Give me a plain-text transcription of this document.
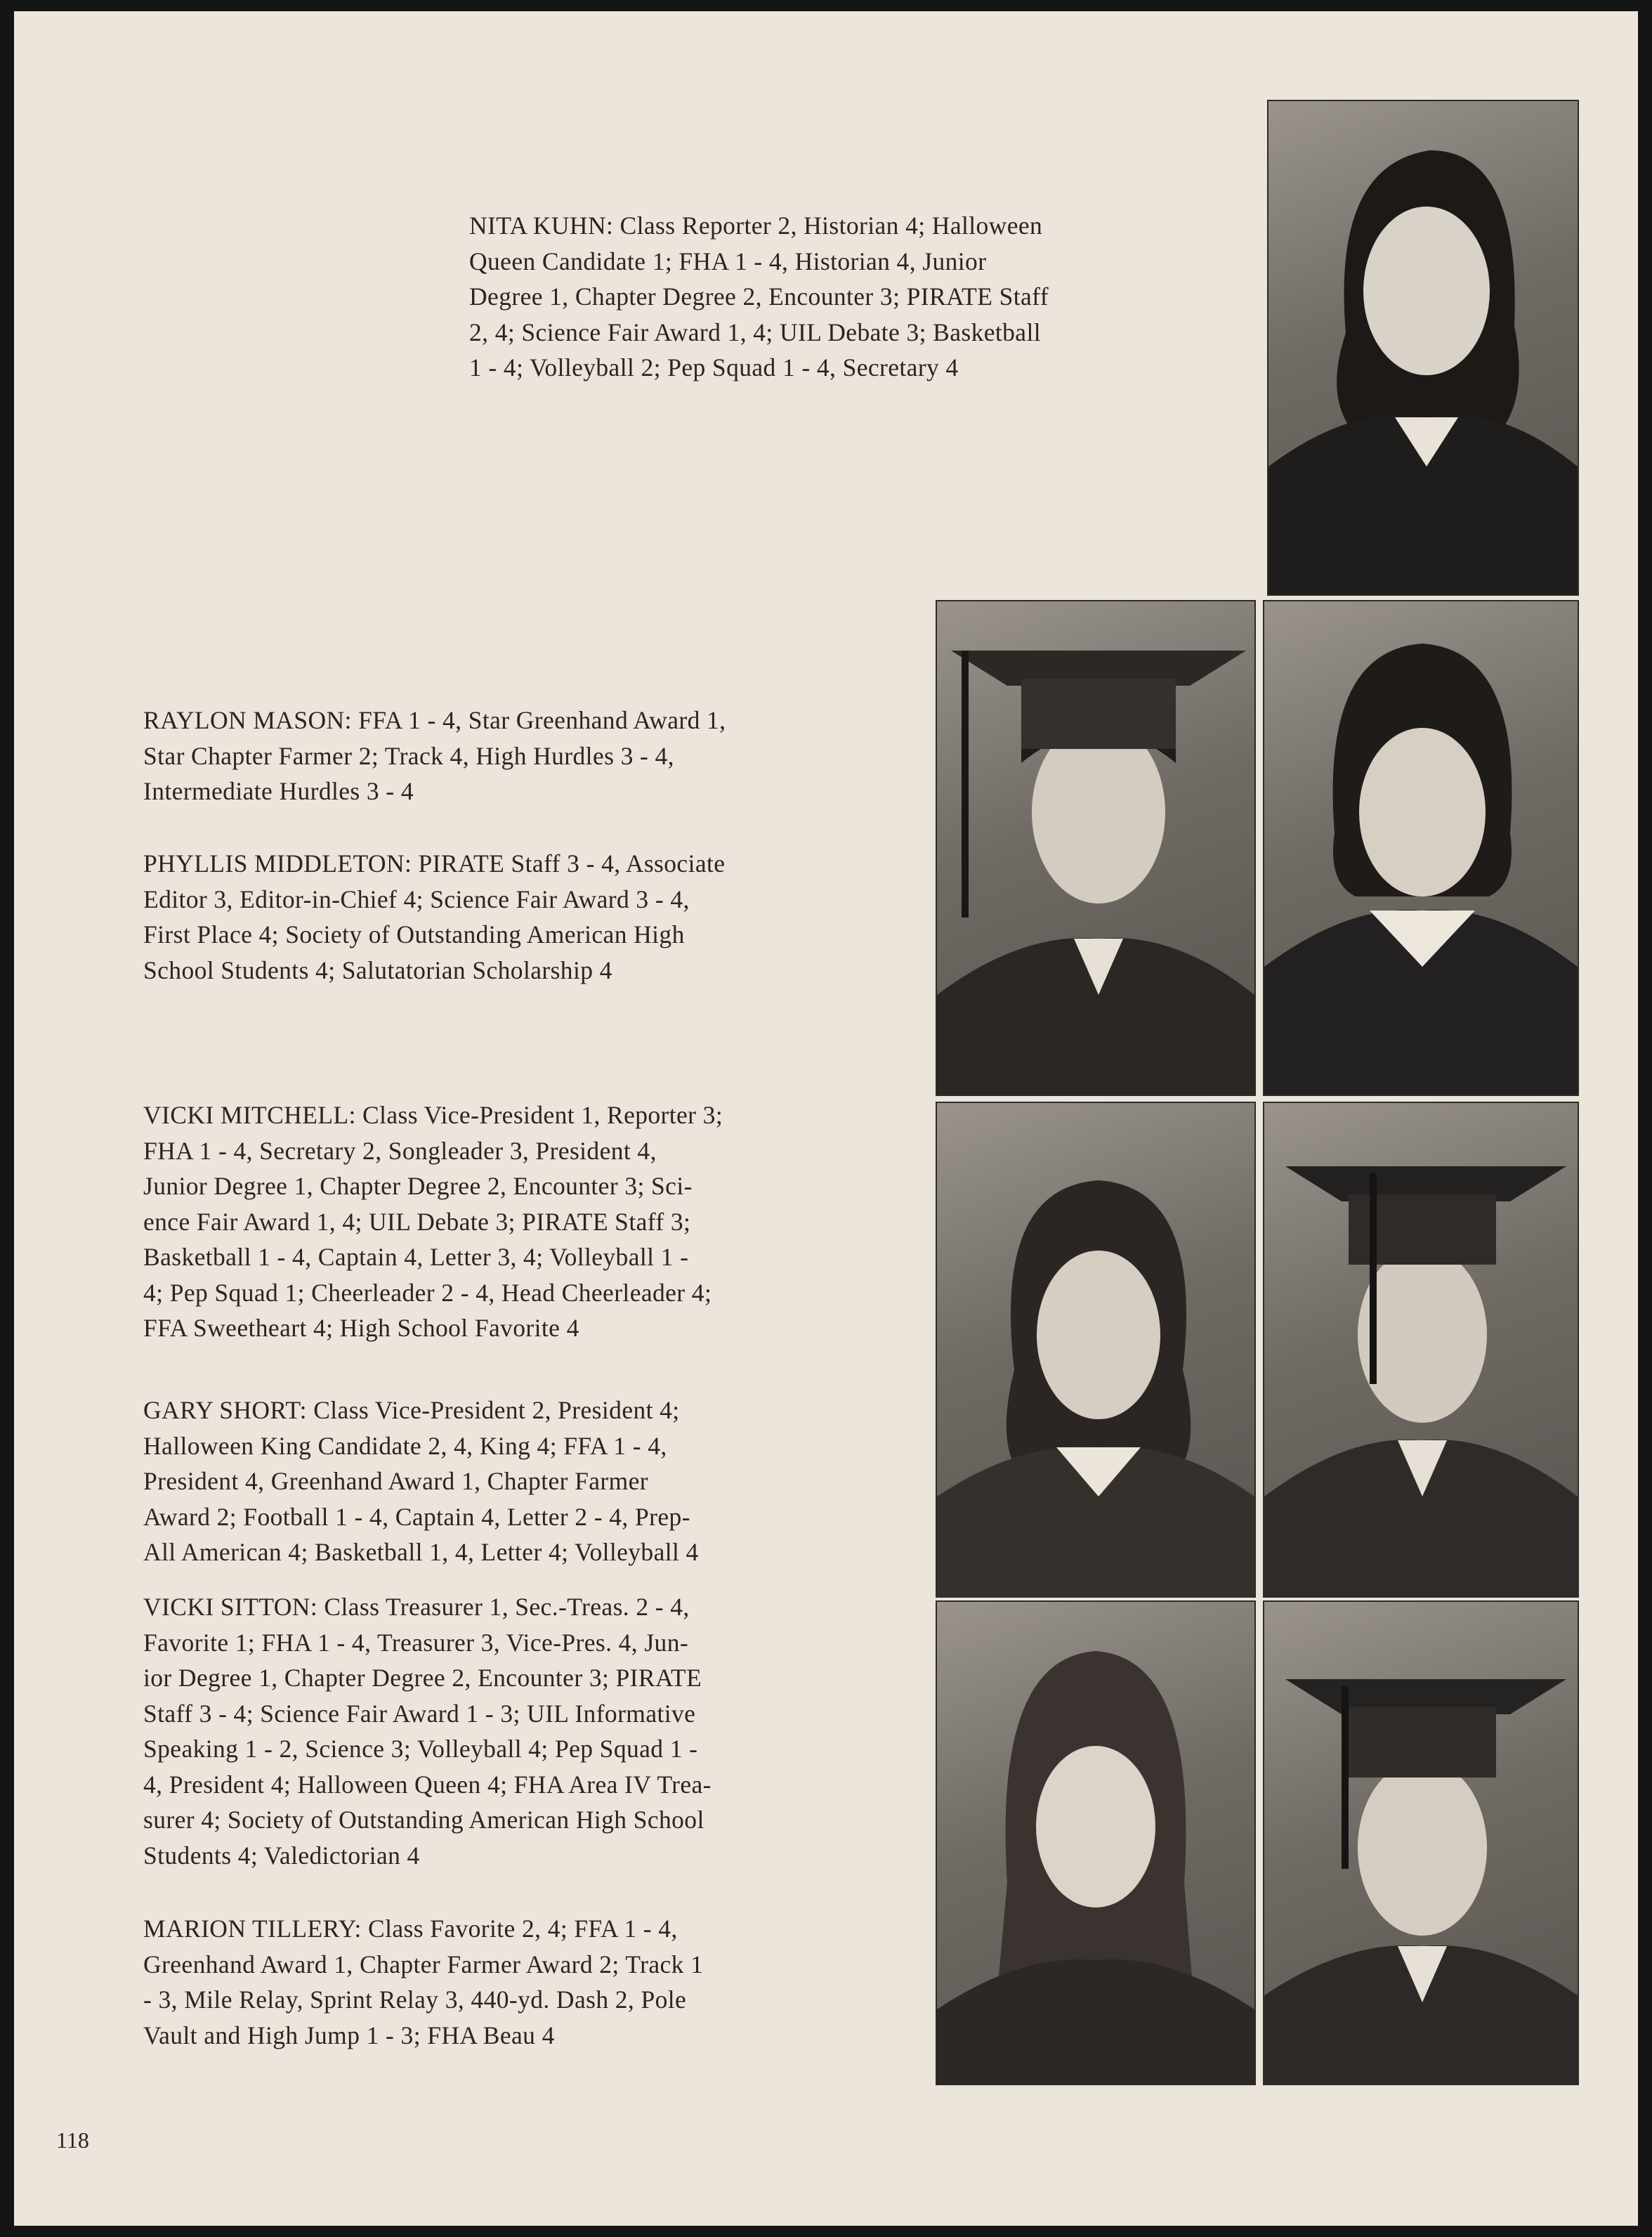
NITA KUHN: Class Reporter 2, Historian 4; Halloween
Queen Candidate 1; FHA 1 - 4, Historian 4, Junior
Degree 1, Chapter Degree 2, Encounter 3; PIRATE Staff
2, 4; Science Fair Award 1, 4; UIL Debate 3; Basketball
1 - 4; Volleyball 2; Pep Squad 1 - 4, Secretary 4

RAYLON MASON: FFA 1 - 4, Star Greenhand Award 1,
Star Chapter Farmer 2; Track 4, High Hurdles 3 - 4,
Intermediate Hurdles 3 - 4

PHYLLIS MIDDLETON: PIRATE Staff 3 - 4, Associate
Editor 3, Editor-in-Chief 4; Science Fair Award 3 - 4,
First Place 4; Society of Outstanding American High
School Students 4; Salutatorian Scholarship 4

VICKI MITCHELL: Class Vice-President 1, Reporter 3;
FHA 1 - 4, Secretary 2, Songleader 3, President 4,
Junior Degree 1, Chapter Degree 2, Encounter 3; Sci-
ence Fair Award 1, 4; UIL Debate 3; PIRATE Staff 3;
Basketball 1 - 4, Captain 4, Letter 3, 4; Volleyball 1 -
4; Pep Squad 1; Cheerleader 2 - 4, Head Cheerleader 4;
FFA Sweetheart 4; High School Favorite 4

GARY SHORT: Class Vice-President 2, President 4;
Halloween King Candidate 2, 4, King 4; FFA 1 - 4,
President 4, Greenhand Award 1, Chapter Farmer
Award 2; Football 1 - 4, Captain 4, Letter 2 - 4, Prep-
All American 4; Basketball 1, 4, Letter 4; Volleyball 4

VICKI SITTON: Class Treasurer 1, Sec.-Treas. 2 - 4,
Favorite 1; FHA 1 - 4, Treasurer 3, Vice-Pres. 4, Jun-
ior Degree 1, Chapter Degree 2, Encounter 3; PIRATE
Staff 3 - 4; Science Fair Award 1 - 3; UIL Informative
Speaking 1 - 2, Science 3; Volleyball 4; Pep Squad 1 -
4, President 4; Halloween Queen 4; FHA Area IV Trea-
surer 4; Society of Outstanding American High School
Students 4; Valedictorian 4

MARION TILLERY: Class Favorite 2, 4; FFA 1 - 4,
Greenhand Award 1, Chapter Farmer Award 2; Track 1
- 3, Mile Relay, Sprint Relay 3, 440-yd. Dash 2, Pole
Vault and High Jump 1 - 3; FHA Beau 4

118
